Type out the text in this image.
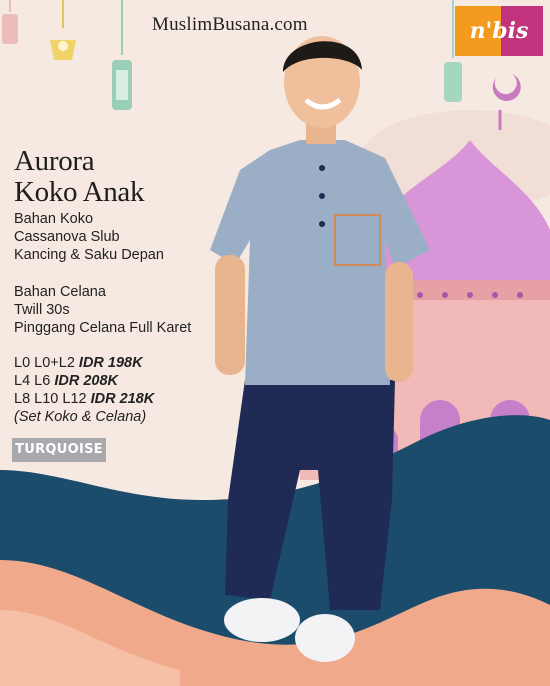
MuslimBusana.com	n'bis
Aurora
Koko Anak
Bahan Koko
Cassanova Slub
Kancing & Saku Depan
Bahan Celana
Twill 30s
Pinggang Celana Full Karet
L0 L0+L2 IDR 198K
L4 L6 IDR 208K
L8 L10 L12 IDR 218K
(Set Koko & Celana)
TURQUOISE
